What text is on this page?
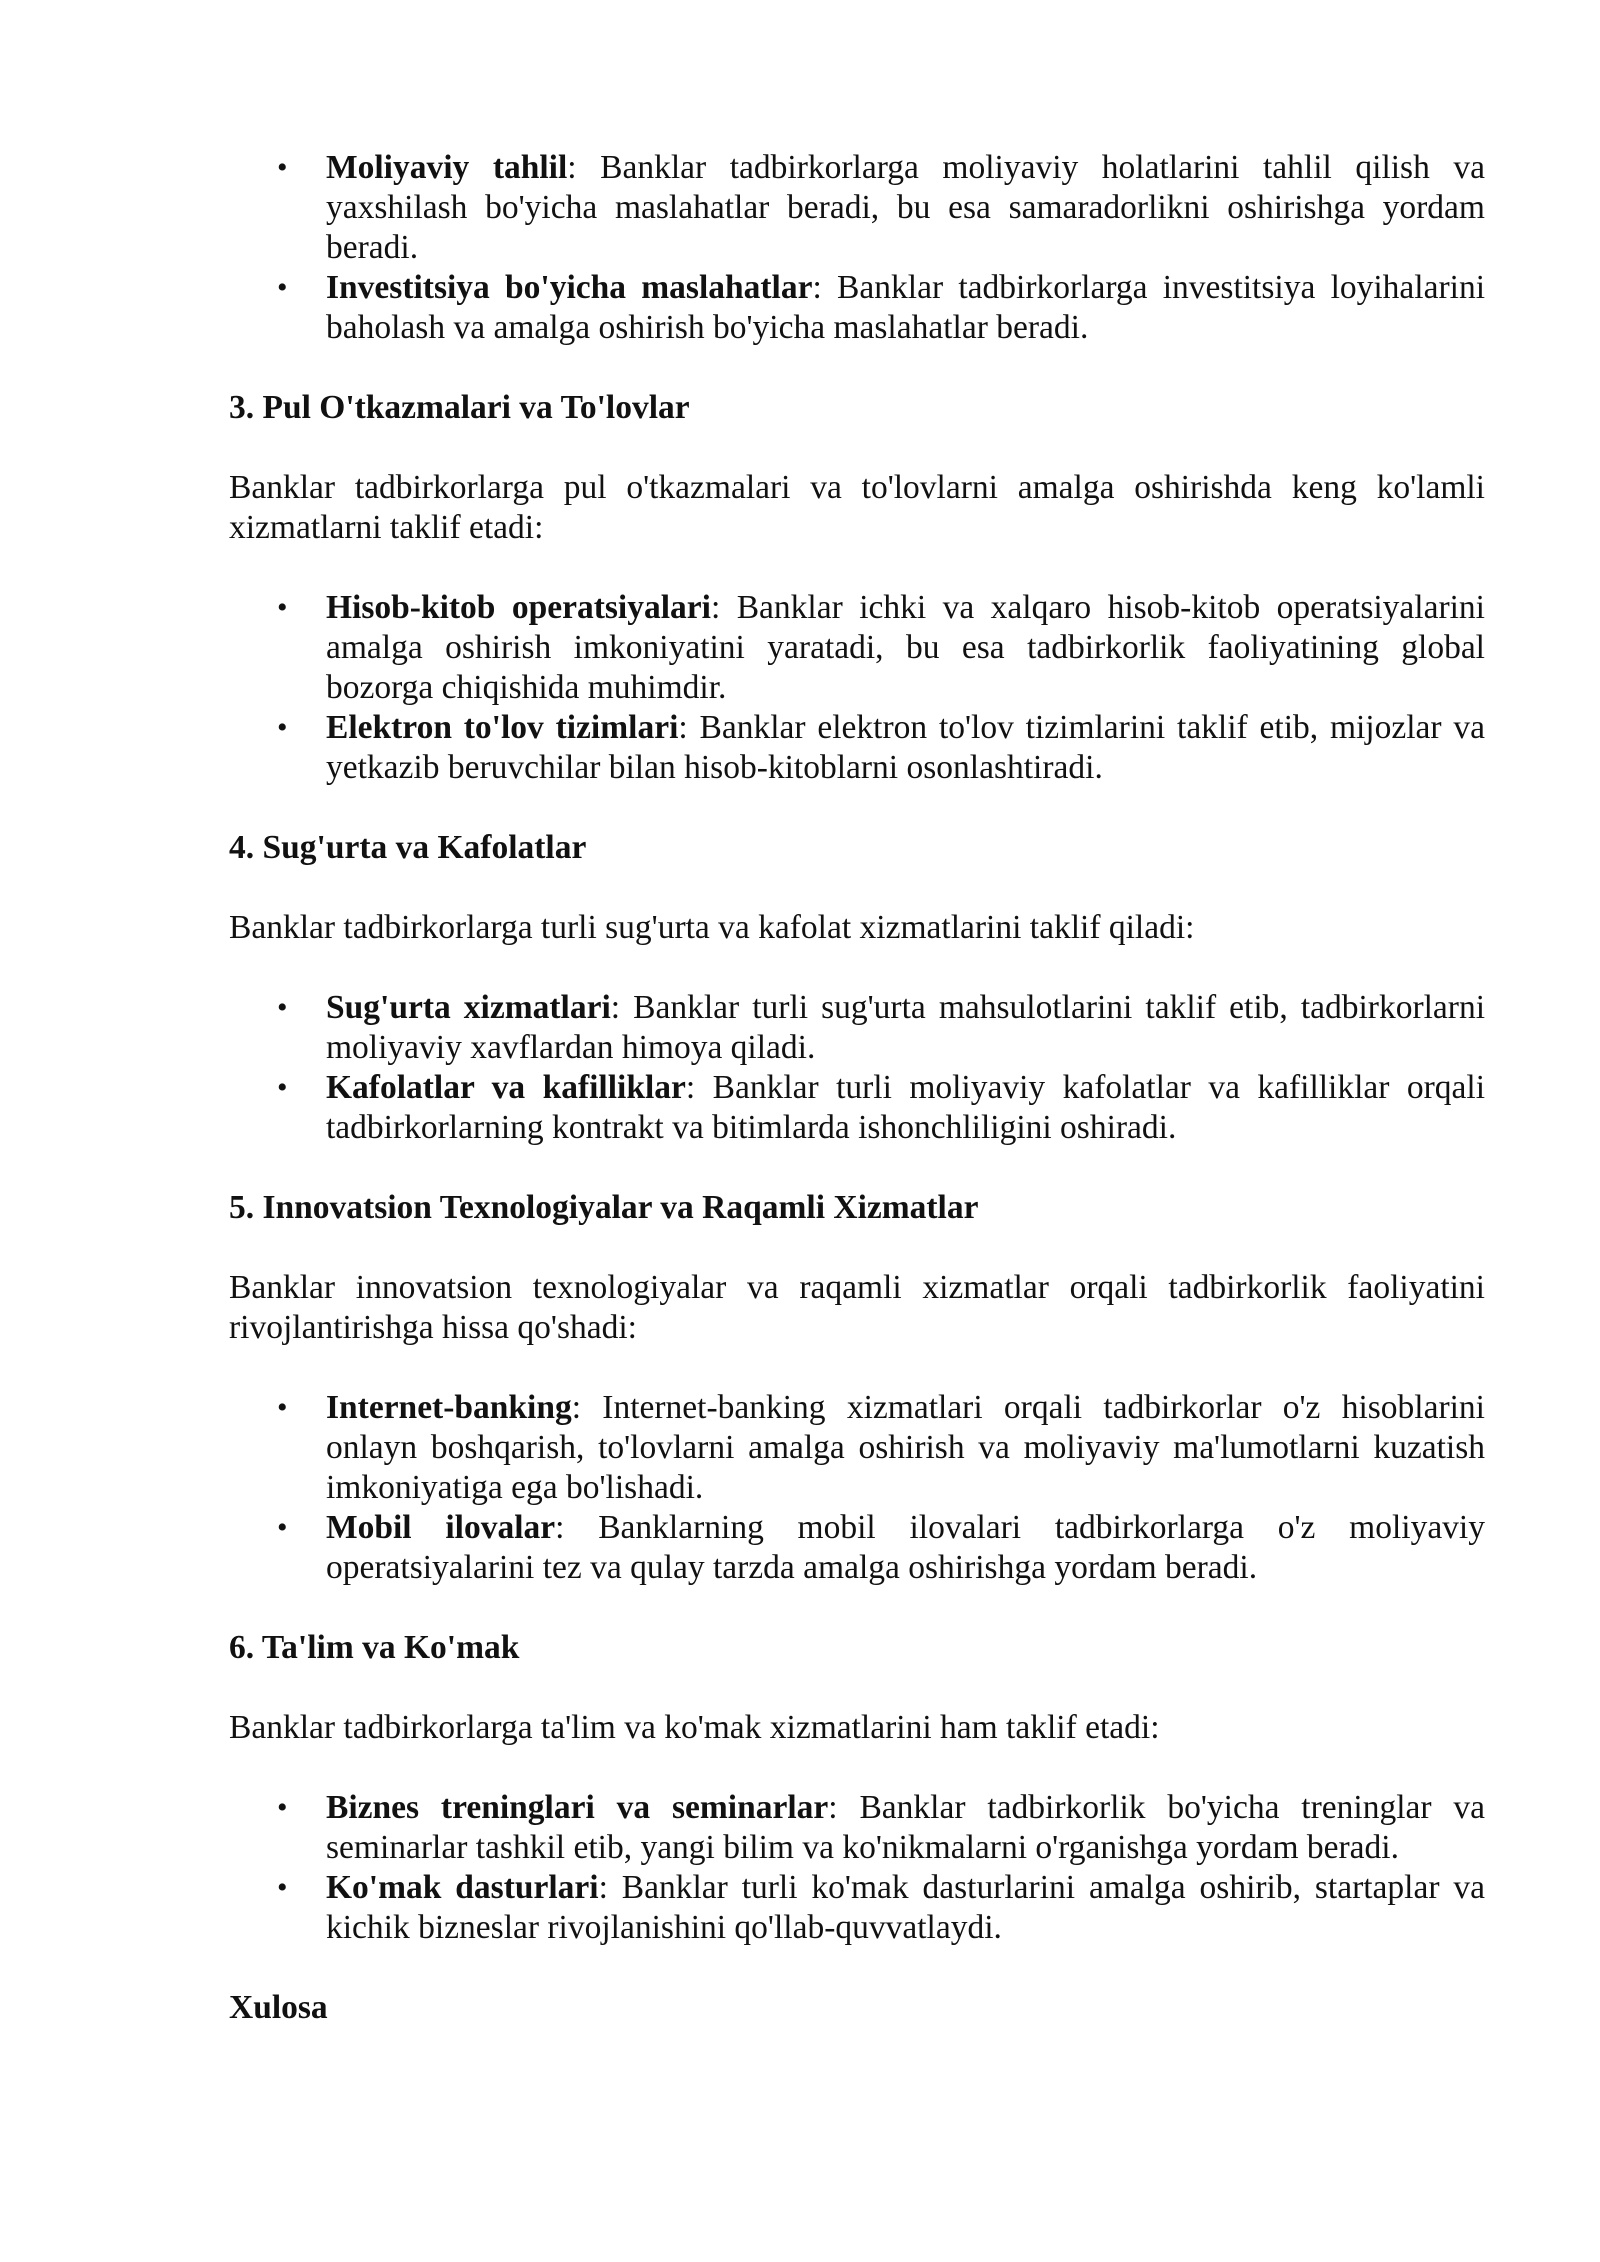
• Moliyaviy tahlil: Banklar tadbirkorlarga moliyaviy holatlarini tahlil qilish va yaxshilash bo'yicha maslahatlar beradi, bu esa samaradorlikni oshirishga yordam beradi.
• Investitsiya bo'yicha maslahatlar: Banklar tadbirkorlarga investitsiya loyihalarini baholash va amalga oshirish bo'yicha maslahatlar beradi.
3. Pul O'tkazmalari va To'lovlar

Banklar tadbirkorlarga pul o'tkazmalari va to'lovlarni amalga oshirishda keng ko'lamli xizmatlarni taklif etadi:

• Hisob-kitob operatsiyalari: Banklar ichki va xalqaro hisob-kitob operatsiyalarini amalga oshirish imkoniyatini yaratadi, bu esa tadbirkorlik faoliyatining global bozorga chiqishida muhimdir.
• Elektron to'lov tizimlari: Banklar elektron to'lov tizimlarini taklif etib, mijozlar va yetkazib beruvchilar bilan hisob-kitoblarni osonlashtiradi.
4. Sug'urta va Kafolatlar

Banklar tadbirkorlarga turli sug'urta va kafolat xizmatlarini taklif qiladi:

• Sug'urta xizmatlari: Banklar turli sug'urta mahsulotlarini taklif etib, tadbirkorlarni moliyaviy xavflardan himoya qiladi.
• Kafolatlar va kafilliklar: Banklar turli moliyaviy kafolatlar va kafilliklar orqali tadbirkorlarning kontrakt va bitimlarda ishonchliligini oshiradi.
5. Innovatsion Texnologiyalar va Raqamli Xizmatlar

Banklar innovatsion texnologiyalar va raqamli xizmatlar orqali tadbirkorlik faoliyatini rivojlantirishga hissa qo'shadi:

• Internet-banking: Internet-banking xizmatlari orqali tadbirkorlar o'z hisoblarini onlayn boshqarish, to'lovlarni amalga oshirish va moliyaviy ma'lumotlarni kuzatish imkoniyatiga ega bo'lishadi.
• Mobil ilovalar: Banklarning mobil ilovalari tadbirkorlarga o'z moliyaviy operatsiyalarini tez va qulay tarzda amalga oshirishga yordam beradi.
6. Ta'lim va Ko'mak

Banklar tadbirkorlarga ta'lim va ko'mak xizmatlarini ham taklif etadi:

• Biznes treninglari va seminarlar: Banklar tadbirkorlik bo'yicha treninglar va seminarlar tashkil etib, yangi bilim va ko'nikmalarni o'rganishga yordam beradi.
• Ko'mak dasturlari: Banklar turli ko'mak dasturlarini amalga oshirib, startaplar va kichik bizneslar rivojlanishini qo'llab-quvvatlaydi.
Xulosa
